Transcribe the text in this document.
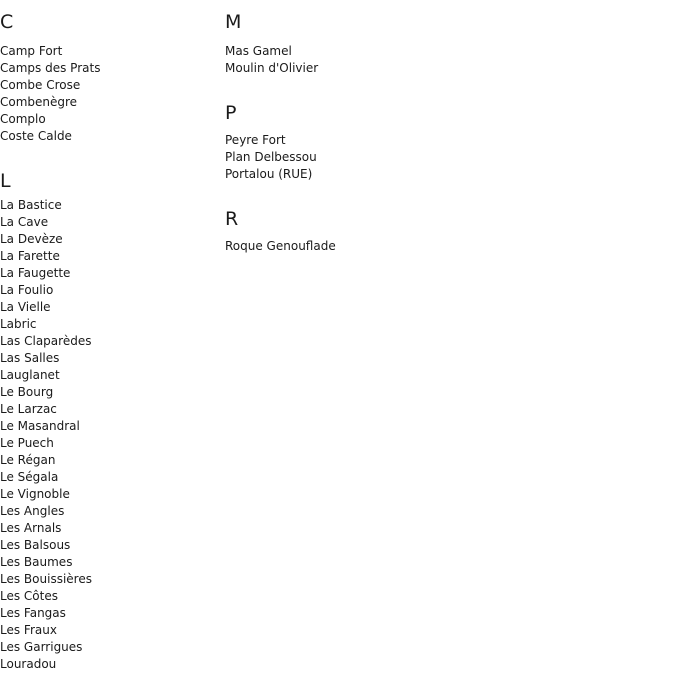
C
Camp Fort
Camps des Prats
Combe Crose
Combenègre
Complo
Coste Calde
L
La Bastice
La Cave
La Devèze
La Farette
La Faugette
La Foulio
La Vielle
Labric
Las Claparèdes
Las Salles
Lauglanet
Le Bourg
Le Larzac
Le Masandral
Le Puech
Le Régan
Le Ségala
Le Vignoble
Les Angles
Les Arnals
Les Balsous
Les Baumes
Les Bouissières
Les Côtes
Les Fangas
Les Fraux
Les Garrigues
Louradou
M
Mas Gamel
Moulin d'Olivier
P
Peyre Fort
Plan Delbessou
Portalou (RUE)
R
Roque Genouflade
